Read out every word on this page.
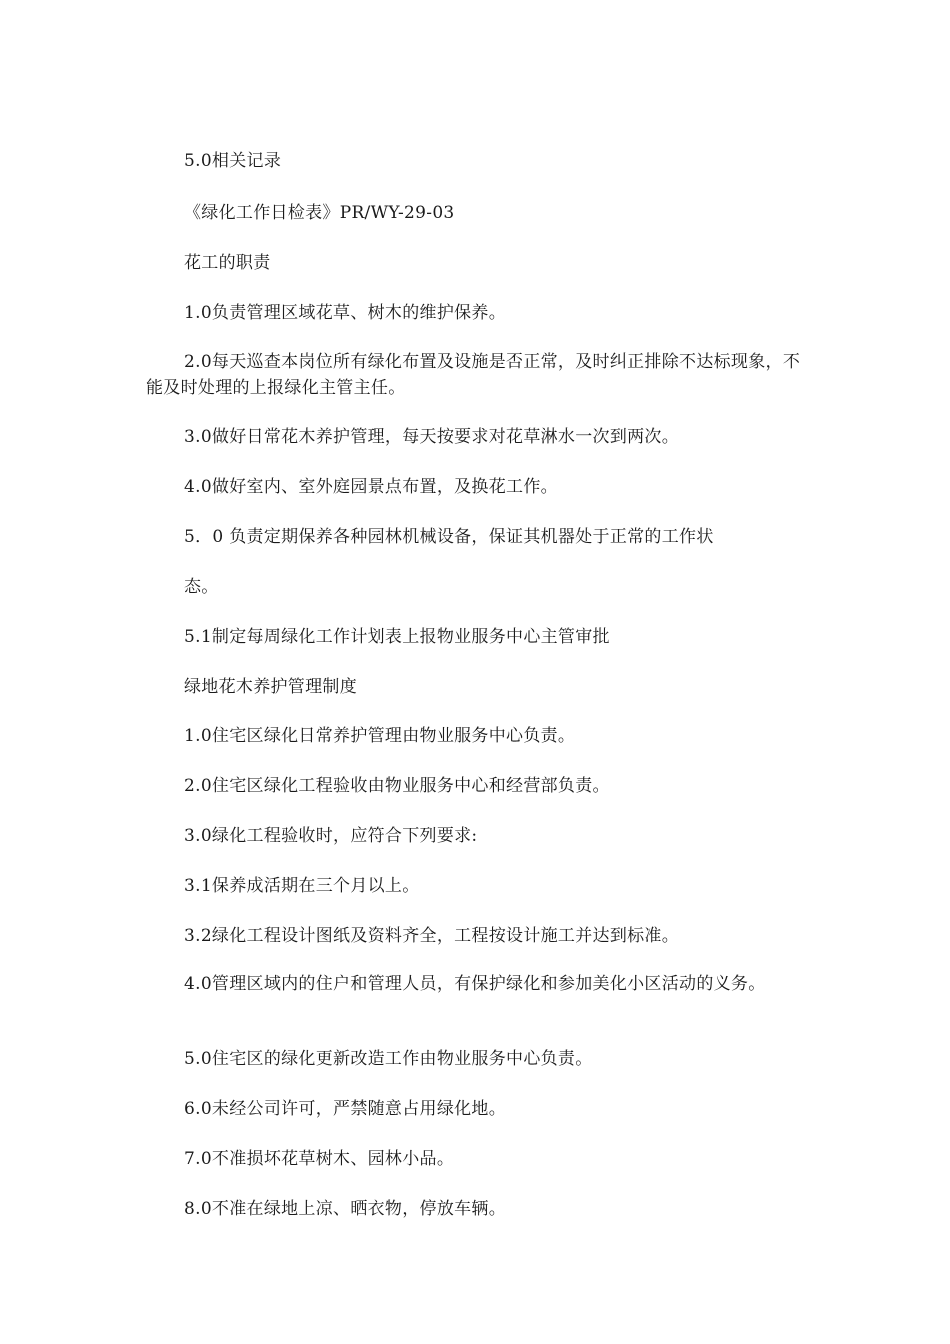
5.0相关记录

《绿化工作日检表》PR/WY-29-03

花工的职责

1.0负责管理区域花草、树木的维护保养。

2.0每天巡查本岗位所有绿化布置及设施是否正常，及时纠正排除不达标现象，不能及时处理的上报绿化主管主任。

3.0做好日常花木养护管理，每天按要求对花草淋水一次到两次。

4.0做好室内、室外庭园景点布置，及换花工作。

5．0 负责定期保养各种园林机械设备，保证其机器处于正常的工作状

态。

5.1制定每周绿化工作计划表上报物业服务中心主管审批

绿地花木养护管理制度

1.0住宅区绿化日常养护管理由物业服务中心负责。

2.0住宅区绿化工程验收由物业服务中心和经营部负责。

3.0绿化工程验收时，应符合下列要求:

3.1保养成活期在三个月以上。

3.2绿化工程设计图纸及资料齐全，工程按设计施工并达到标准。

4.0管理区域内的住户和管理人员，有保护绿化和参加美化小区活动的义务。

5.0住宅区的绿化更新改造工作由物业服务中心负责。

6.0未经公司许可，严禁随意占用绿化地。

7.0不准损坏花草树木、园林小品。

8.0不准在绿地上凉、晒衣物，停放车辆。
